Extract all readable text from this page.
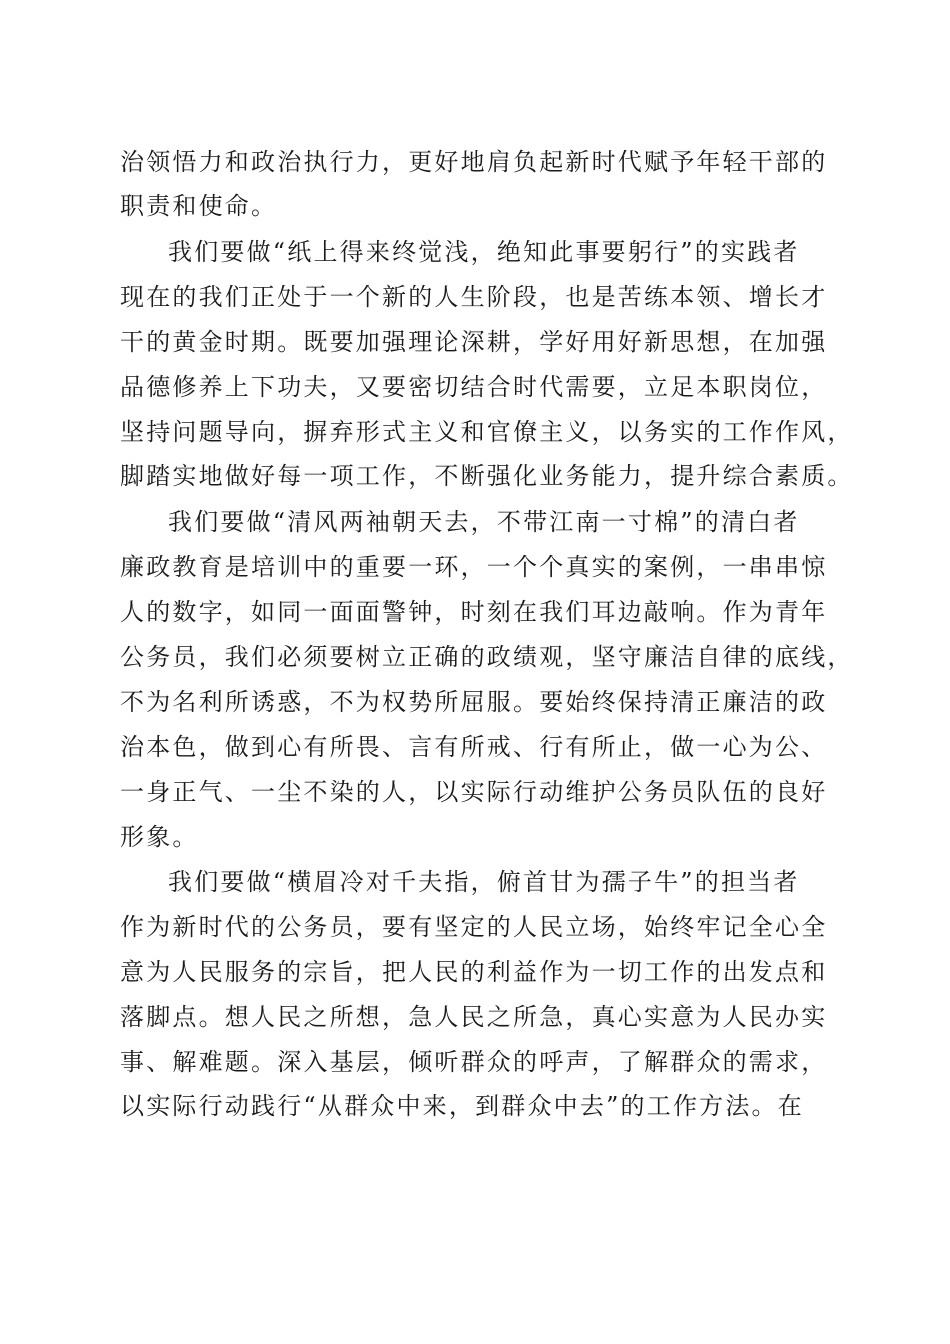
治领悟力和政治执行力，更好地肩负起新时代赋予年轻干部的
职责和使命。
我们要做“纸上得来终觉浅，绝知此事要躬行”的实践者
现在的我们正处于一个新的人生阶段，也是苦练本领、增长才
干的黄金时期。既要加强理论深耕，学好用好新思想，在加强
品德修养上下功夫，又要密切结合时代需要，立足本职岗位，
坚持问题导向，摒弃形式主义和官僚主义，以务实的工作作风，
脚踏实地做好每一项工作，不断强化业务能力，提升综合素质。
我们要做“清风两袖朝天去，不带江南一寸棉”的清白者
廉政教育是培训中的重要一环，一个个真实的案例，一串串惊
人的数字，如同一面面警钟，时刻在我们耳边敲响。作为青年
公务员，我们必须要树立正确的政绩观，坚守廉洁自律的底线，
不为名利所诱惑，不为权势所屈服。要始终保持清正廉洁的政
治本色，做到心有所畏、言有所戒、行有所止，做一心为公、
一身正气、一尘不染的人，以实际行动维护公务员队伍的良好
形象。
我们要做“横眉冷对千夫指，俯首甘为孺子牛”的担当者
作为新时代的公务员，要有坚定的人民立场，始终牢记全心全
意为人民服务的宗旨，把人民的利益作为一切工作的出发点和
落脚点。想人民之所想，急人民之所急，真心实意为人民办实
事、解难题。深入基层，倾听群众的呼声，了解群众的需求，
以实际行动践行“从群众中来，到群众中去”的工作方法。在
